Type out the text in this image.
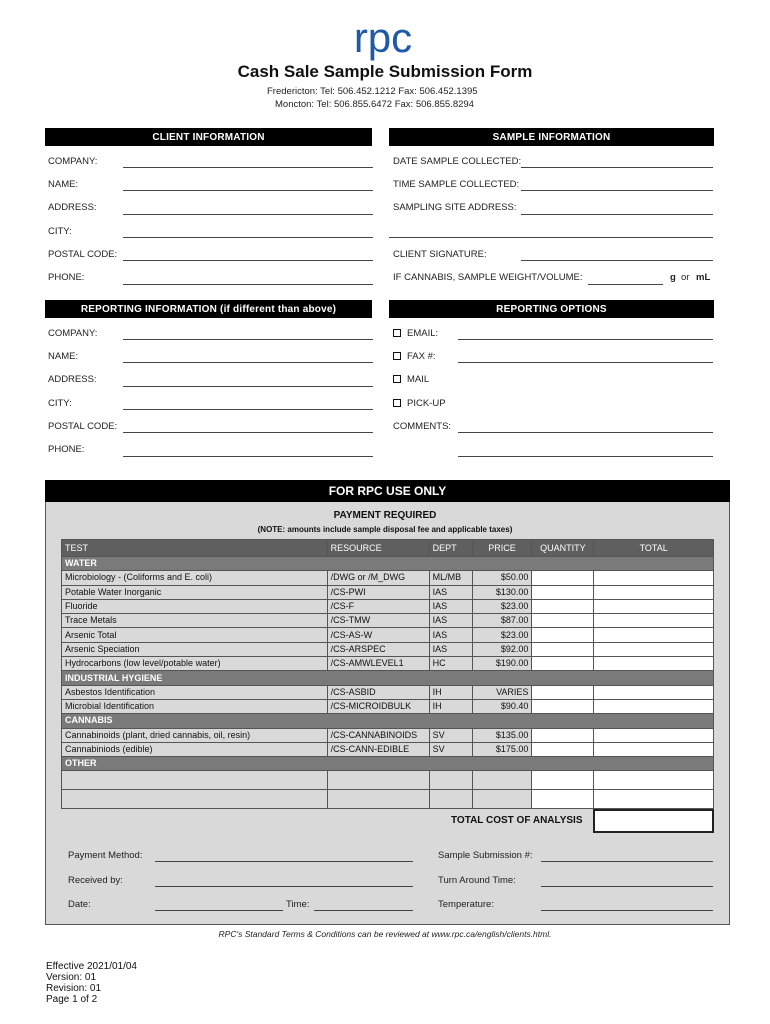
rpc
Cash Sale Sample Submission Form
Fredericton: Tel: 506.452.1212 Fax: 506.452.1395
Moncton: Tel: 506.855.6472 Fax: 506.855.8294
CLIENT INFORMATION	SAMPLE INFORMATION
COMPANY:
NAME:
ADDRESS:
CITY:
POSTAL CODE:
PHONE:
DATE SAMPLE COLLECTED:
TIME SAMPLE COLLECTED:
SAMPLING SITE ADDRESS:
CLIENT SIGNATURE:
IF CANNABIS, SAMPLE WEIGHT/VOLUME:	g or mL
REPORTING INFORMATION (if different than above)	REPORTING OPTIONS
COMPANY:
NAME:
ADDRESS:
CITY:
POSTAL CODE:
PHONE:
EMAIL:
FAX #:
MAIL
PICK-UP
COMMENTS:
FOR RPC USE ONLY
PAYMENT REQUIRED
(NOTE: amounts include sample disposal fee and applicable taxes)
TEST	RESOURCE	DEPT	PRICE	QUANTITY	TOTAL
WATER					
Microbiology - (Coliforms and E. coli)	/DWG or /M_DWG	ML/MB	$50.00		
Potable Water Inorganic	/CS-PWI	IAS	$130.00		
Fluoride	/CS-F	IAS	$23.00		
Trace Metals	/CS-TMW	IAS	$87.00		
Arsenic Total	/CS-AS-W	IAS	$23.00		
Arsenic Speciation	/CS-ARSPEC	IAS	$92.00		
Hydrocarbons (low level/potable water)	/CS-AMWLEVEL1	HC	$190.00		
INDUSTRIAL HYGIENE					
Asbestos Identification	/CS-ASBID	IH	VARIES		
Microbial Identification	/CS-MICROIDBULK	IH	$90.40		
CANNABIS					
Cannabinoids (plant, dried cannabis, oil, resin)	/CS-CANNABINOIDS	SV	$135.00		
Cannabiniods (edible)	/CS-CANN-EDIBLE	SV	$175.00		
OTHER					

TOTAL COST OF ANALYSIS
Payment Method:
Received by:
Date:	Time:
Sample Submission #:
Turn Around Time:
Temperature:
RPC's Standard Terms & Conditions can be reviewed at www.rpc.ca/english/clients.html.
Effective 2021/01/04
Version: 01
Revision: 01
Page 1 of 2
